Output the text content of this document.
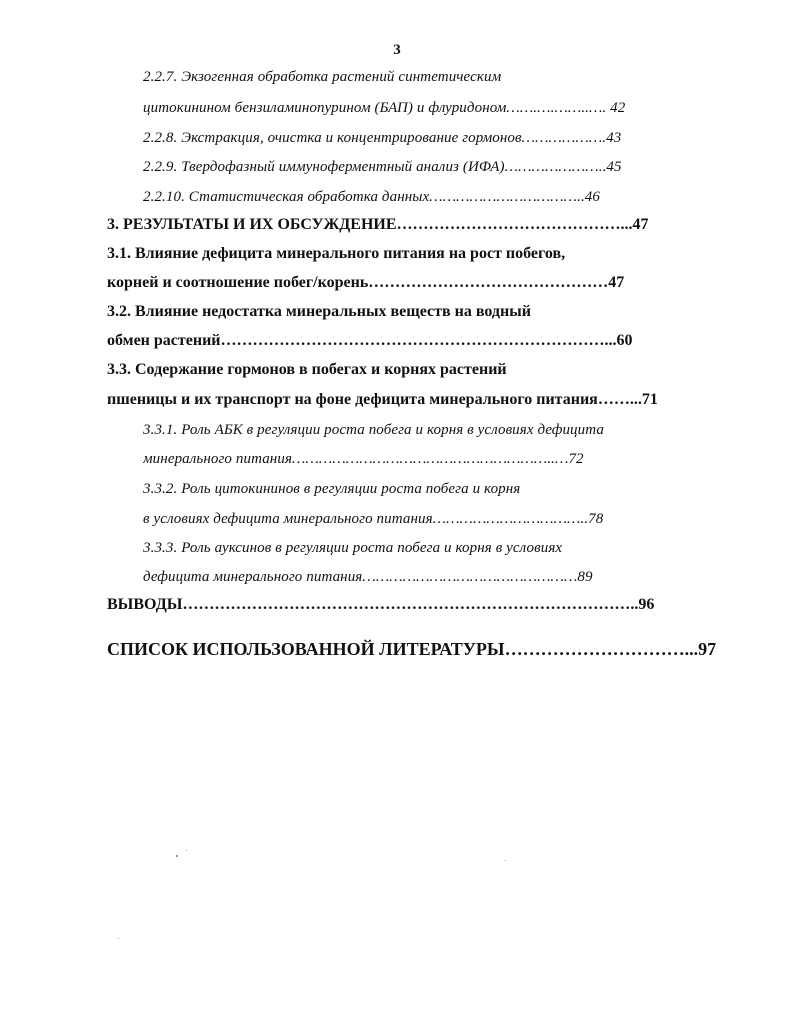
3
2.2.7. Экзогенная обработка растений синтетическим
цитокинином бензиламинопурином (БАП) и флуридоном…….….……..…. 42
2.2.8. Экстракция, очистка и концентрирование гормонов……………….43
2.2.9. Твердофазный иммуноферментный анализ (ИФА)…………………..45
2.2.10. Статистическая обработка данных……………………………..46
3. РЕЗУЛЬТАТЫ И ИХ ОБСУЖДЕНИЕ……………………………………...47
3.1. Влияние дефицита минерального питания на рост побегов,
корней и соотношение побег/корень………………………………………47
3.2. Влияние недостатка минеральных веществ на водный
обмен растений………………………………………………………………...60
3.3. Содержание гормонов в побегах и корнях растений
пшеницы и их транспорт на фоне дефицита минерального питания……...71
3.3.1. Роль АБК в регуляции роста побега и корня в условиях дефицита
минерального питания…………………………………………………..…72
3.3.2. Роль цитокининов в регуляции роста побега и корня
в условиях дефицита минерального питания……………………………..78
3.3.3. Роль ауксинов в регуляции роста побега и корня в условиях
дефицита минерального питания…………………………………………89
ВЫВОДЫ…………………………………………………………………………..96
СПИСОК ИСПОЛЬЗОВАННОЙ ЛИТЕРАТУРЫ…………………………...97
